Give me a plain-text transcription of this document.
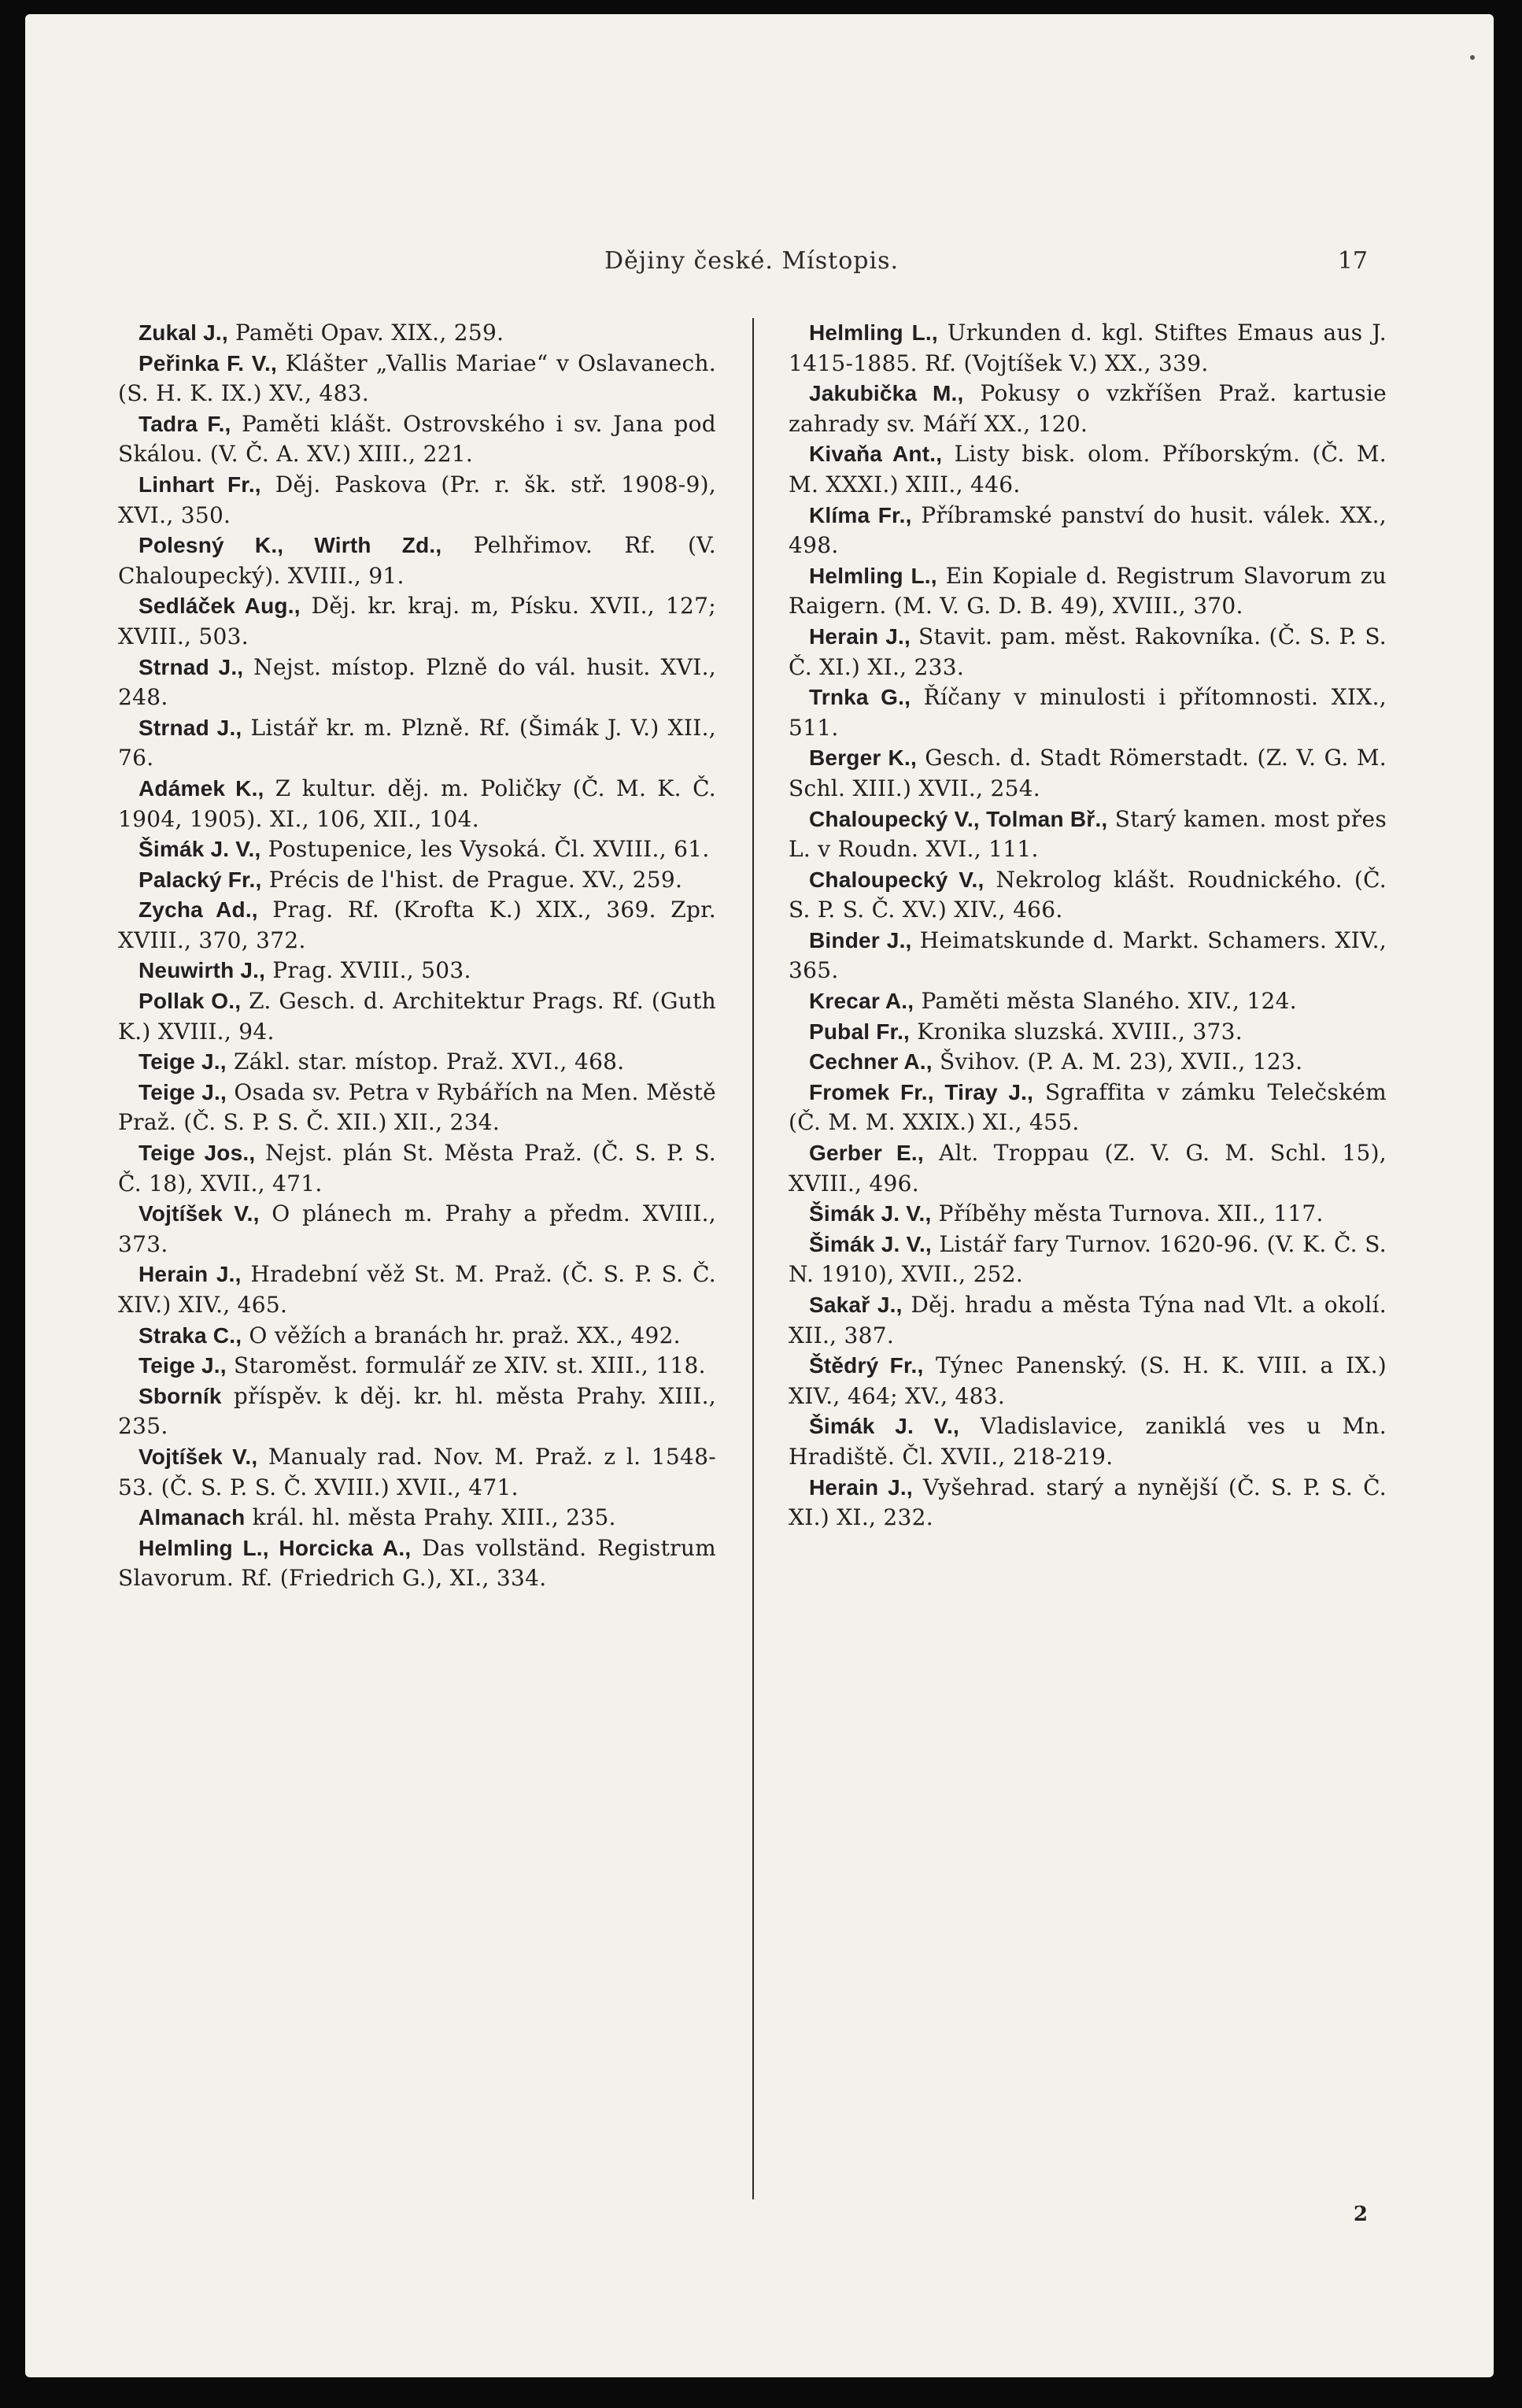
Dějiny české. Místopis.	17

Zukal J., Paměti Opav. XIX., 259.

Peřinka F. V., Klášter „Vallis Mariae“ v Oslavanech. (S. H. K. IX.) XV., 483.

Tadra F., Paměti klášt. Ostrovského i sv. Jana pod Skálou. (V. Č. A. XV.) XIII., 221.

Linhart Fr., Děj. Paskova (Pr. r. šk. stř. 1908-9), XVI., 350.

Polesný K., Wirth Zd., Pelhřimov. Rf. (V. Chaloupecký). XVIII., 91.

Sedláček Aug., Děj. kr. kraj. m, Písku. XVII., 127; XVIII., 503.

Strnad J., Nejst. místop. Plzně do vál. husit. XVI., 248.

Strnad J., Listář kr. m. Plzně. Rf. (Šimák J. V.) XII., 76.

Adámek K., Z kultur. děj. m. Poličky (Č. M. K. Č. 1904, 1905). XI., 106, XII., 104.

Šimák J. V., Postupenice, les Vysoká. Čl. XVIII., 61.

Palacký Fr., Précis de l'hist. de Prague. XV., 259.

Zycha Ad., Prag. Rf. (Krofta K.) XIX., 369. Zpr. XVIII., 370, 372.

Neuwirth J., Prag. XVIII., 503.

Pollak O., Z. Gesch. d. Architektur Prags. Rf. (Guth K.) XVIII., 94.

Teige J., Zákl. star. místop. Praž. XVI., 468.

Teige J., Osada sv. Petra v Rybářích na Men. Městě Praž. (Č. S. P. S. Č. XII.) XII., 234.

Teige Jos., Nejst. plán St. Města Praž. (Č. S. P. S. Č. 18), XVII., 471.

Vojtíšek V., O plánech m. Prahy a předm. XVIII., 373.

Herain J., Hradební věž St. M. Praž. (Č. S. P. S. Č. XIV.) XIV., 465.

Straka C., O věžích a branách hr. praž. XX., 492.

Teige J., Staroměst. formulář ze XIV. st. XIII., 118.

Sborník příspěv. k děj. kr. hl. města Prahy. XIII., 235.

Vojtíšek V., Manualy rad. Nov. M. Praž. z l. 1548-53. (Č. S. P. S. Č. XVIII.) XVII., 471.

Almanach král. hl. města Prahy. XIII., 235.

Helmling L., Horcicka A., Das vollständ. Registrum Slavorum. Rf. (Friedrich G.), XI., 334.

Helmling L., Urkunden d. kgl. Stiftes Emaus aus J. 1415-1885. Rf. (Vojtíšek V.) XX., 339.

Jakubička M., Pokusy o vzkříšen Praž. kartusie zahrady sv. Máří XX., 120.

Kivaňa Ant., Listy bisk. olom. Příborským. (Č. M. M. XXXI.) XIII., 446.

Klíma Fr., Příbramské panství do husit. válek. XX., 498.

Helmling L., Ein Kopiale d. Registrum Slavorum zu Raigern. (M. V. G. D. B. 49), XVIII., 370.

Herain J., Stavit. pam. měst. Rakovníka. (Č. S. P. S. Č. XI.) XI., 233.

Trnka G., Říčany v minulosti i přítomnosti. XIX., 511.

Berger K., Gesch. d. Stadt Römerstadt. (Z. V. G. M. Schl. XIII.) XVII., 254.

Chaloupecký V., Tolman Bř., Starý kamen. most přes L. v Roudn. XVI., 111.

Chaloupecký V., Nekrolog klášt. Roudnického. (Č. S. P. S. Č. XV.) XIV., 466.

Binder J., Heimatskunde d. Markt. Schamers. XIV., 365.

Krecar A., Paměti města Slaného. XIV., 124.

Pubal Fr., Kronika sluzská. XVIII., 373.

Cechner A., Švihov. (P. A. M. 23), XVII., 123.

Fromek Fr., Tiray J., Sgraffita v zámku Telečském (Č. M. M. XXIX.) XI., 455.

Gerber E., Alt. Troppau (Z. V. G. M. Schl. 15), XVIII., 496.

Šimák J. V., Příběhy města Turnova. XII., 117.

Šimák J. V., Listář fary Turnov. 1620-96. (V. K. Č. S. N. 1910), XVII., 252.

Sakař J., Děj. hradu a města Týna nad Vlt. a okolí. XII., 387.

Štědrý Fr., Týnec Panenský. (S. H. K. VIII. a IX.) XIV., 464; XV., 483.

Šimák J. V., Vladislavice, zaniklá ves u Mn. Hradiště. Čl. XVII., 218-219.

Herain J., Vyšehrad. starý a nynější (Č. S. P. S. Č. XI.) XI., 232.

2
